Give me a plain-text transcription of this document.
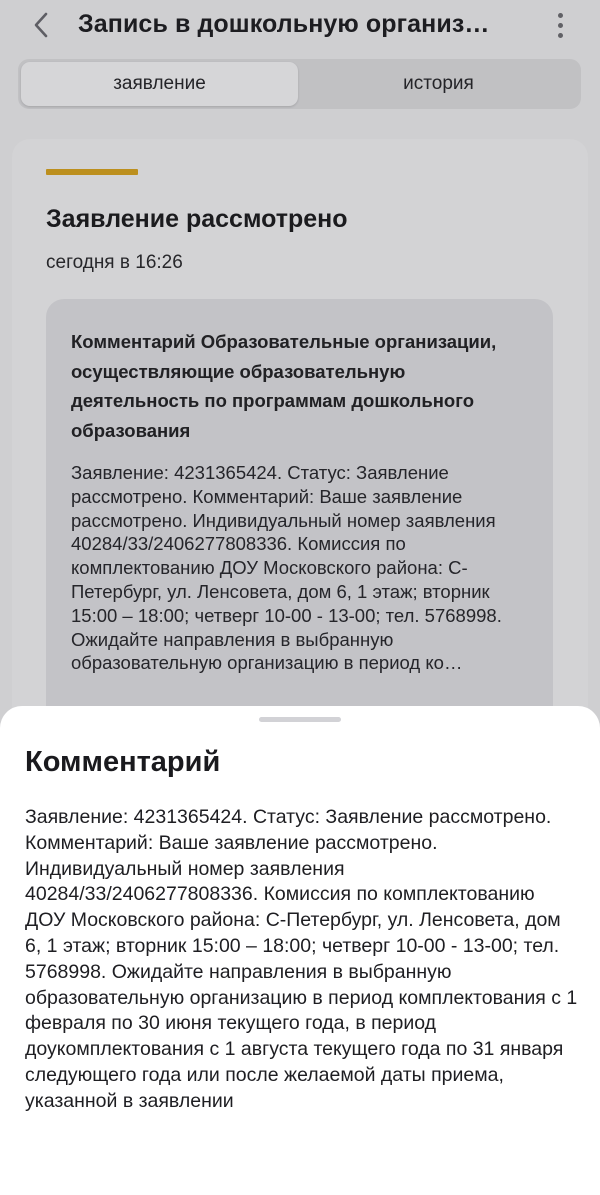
Запись в дошкольную организ…
заявление	история
Заявление рассмотрено
сегодня в 16:26
Комментарий Образовательные организации, осуществляющие образовательную деятельность по программам дошкольного образования
Заявление: 4231365424. Статус: Заявление рассмотрено. Комментарий: Ваше заявление рассмотрено. Индивидуальный номер заявления 40284/33/2406277808336. Комиссия по комплектованию ДОУ Московского района: С-Петербург, ул. Ленсовета, дом 6, 1 этаж; вторник 15:00 – 18:00; четверг 10-00 - 13-00; тел. 5768998. Ожидайте направления в выбранную образовательную организацию в период ко…
Комментарий
Заявление: 4231365424. Статус: Заявление рассмотрено. Комментарий: Ваше заявление рассмотрено. Индивидуальный номер заявления 40284/33/2406277808336. Комиссия по комплектованию ДОУ Московского района: С-Петербург, ул. Ленсовета, дом 6, 1 этаж; вторник 15:00 – 18:00; четверг 10-00 - 13-00; тел. 5768998. Ожидайте направления в выбранную образовательную организацию в период комплектования с 1 февраля по 30 июня текущего года, в период доукомплектования с 1 августа текущего года по 31 января следующего года или после желаемой даты приема, указанной в заявлении
